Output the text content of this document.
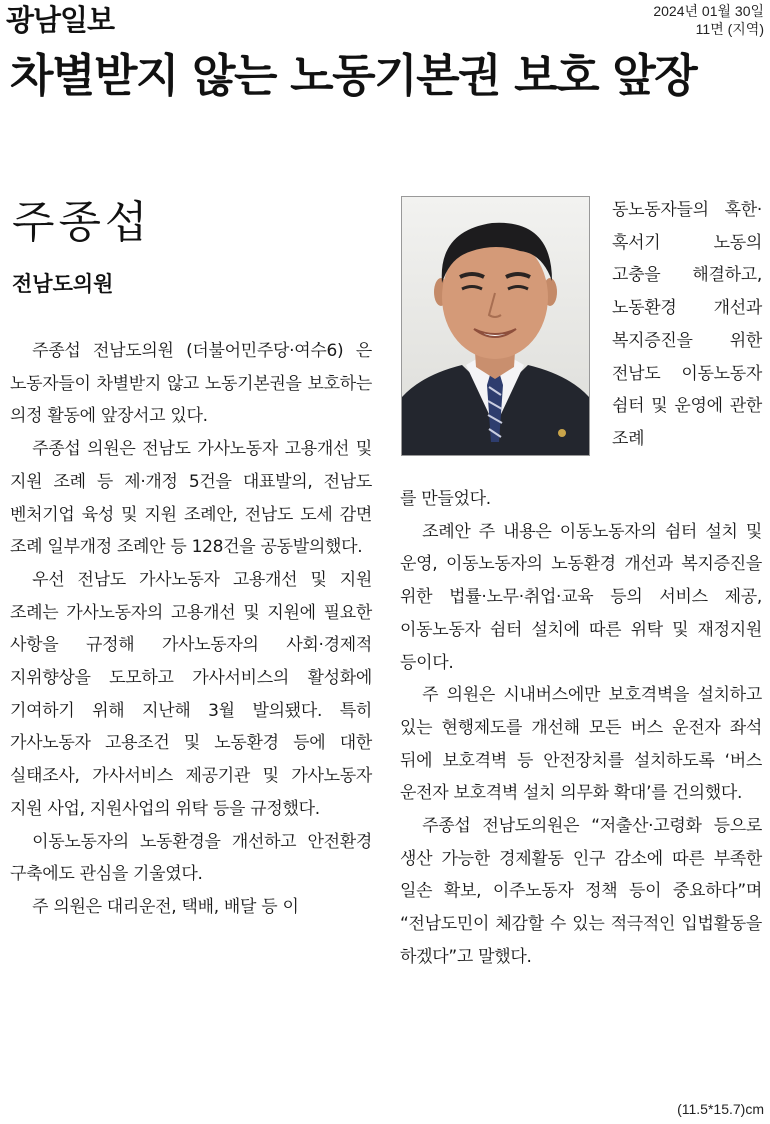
광남일보	2024년 01월 30일
11면 (지역)
차별받지 않는 노동기본권 보호 앞장
주종섭
전남도의원

주종섭 전남도의원 (더불어민주당·여수6) 은 노동자들이 차별받지 않고 노동기본권을 보호하는 의정 활동에 앞장서고 있다.

주종섭 의원은 전남도 가사노동자 고용개선 및 지원 조례 등 제·개정 5건을 대표발의, 전남도 벤처기업 육성 및 지원 조례안, 전남도 도세 감면 조례 일부개정 조례안 등 128건을 공동발의했다.

우선 전남도 가사노동자 고용개선 및 지원 조례는 가사노동자의 고용개선 및 지원에 필요한 사항을 규정해 가사노동자의 사회·경제적 지위향상을 도모하고 가사서비스의 활성화에 기여하기 위해 지난해 3월 발의됐다. 특히 가사노동자 고용조건 및 노동환경 등에 대한 실태조사, 가사서비스 제공기관 및 가사노동자 지원 사업, 지원사업의 위탁 등을 규정했다.

이동노동자의 노동환경을 개선하고 안전환경 구축에도 관심을 기울였다.

주 의원은 대리운전, 택배, 배달 등 이

동노동자들의 혹한·혹서기 노동의 고충을 해결하고, 노동환경 개선과 복지증진을 위한 전남도 이동노동자 쉼터 및 운영에 관한 조례

를 만들었다.

조례안 주 내용은 이동노동자의 쉼터 설치 및 운영, 이동노동자의 노동환경 개선과 복지증진을 위한 법률·노무·취업·교육 등의 서비스 제공, 이동노동자 쉼터 설치에 따른 위탁 및 재정지원 등이다.

주 의원은 시내버스에만 보호격벽을 설치하고 있는 현행제도를 개선해 모든 버스 운전자 좌석 뒤에 보호격벽 등 안전장치를 설치하도록 ‘버스 운전자 보호격벽 설치 의무화 확대’를 건의했다.

주종섭 전남도의원은 “저출산·고령화 등으로 생산 가능한 경제활동 인구 감소에 따른 부족한 일손 확보, 이주노동자 정책 등이 중요하다”며 “전남도민이 체감할 수 있는 적극적인 입법활동을 하겠다”고 말했다.

(11.5*15.7)cm
